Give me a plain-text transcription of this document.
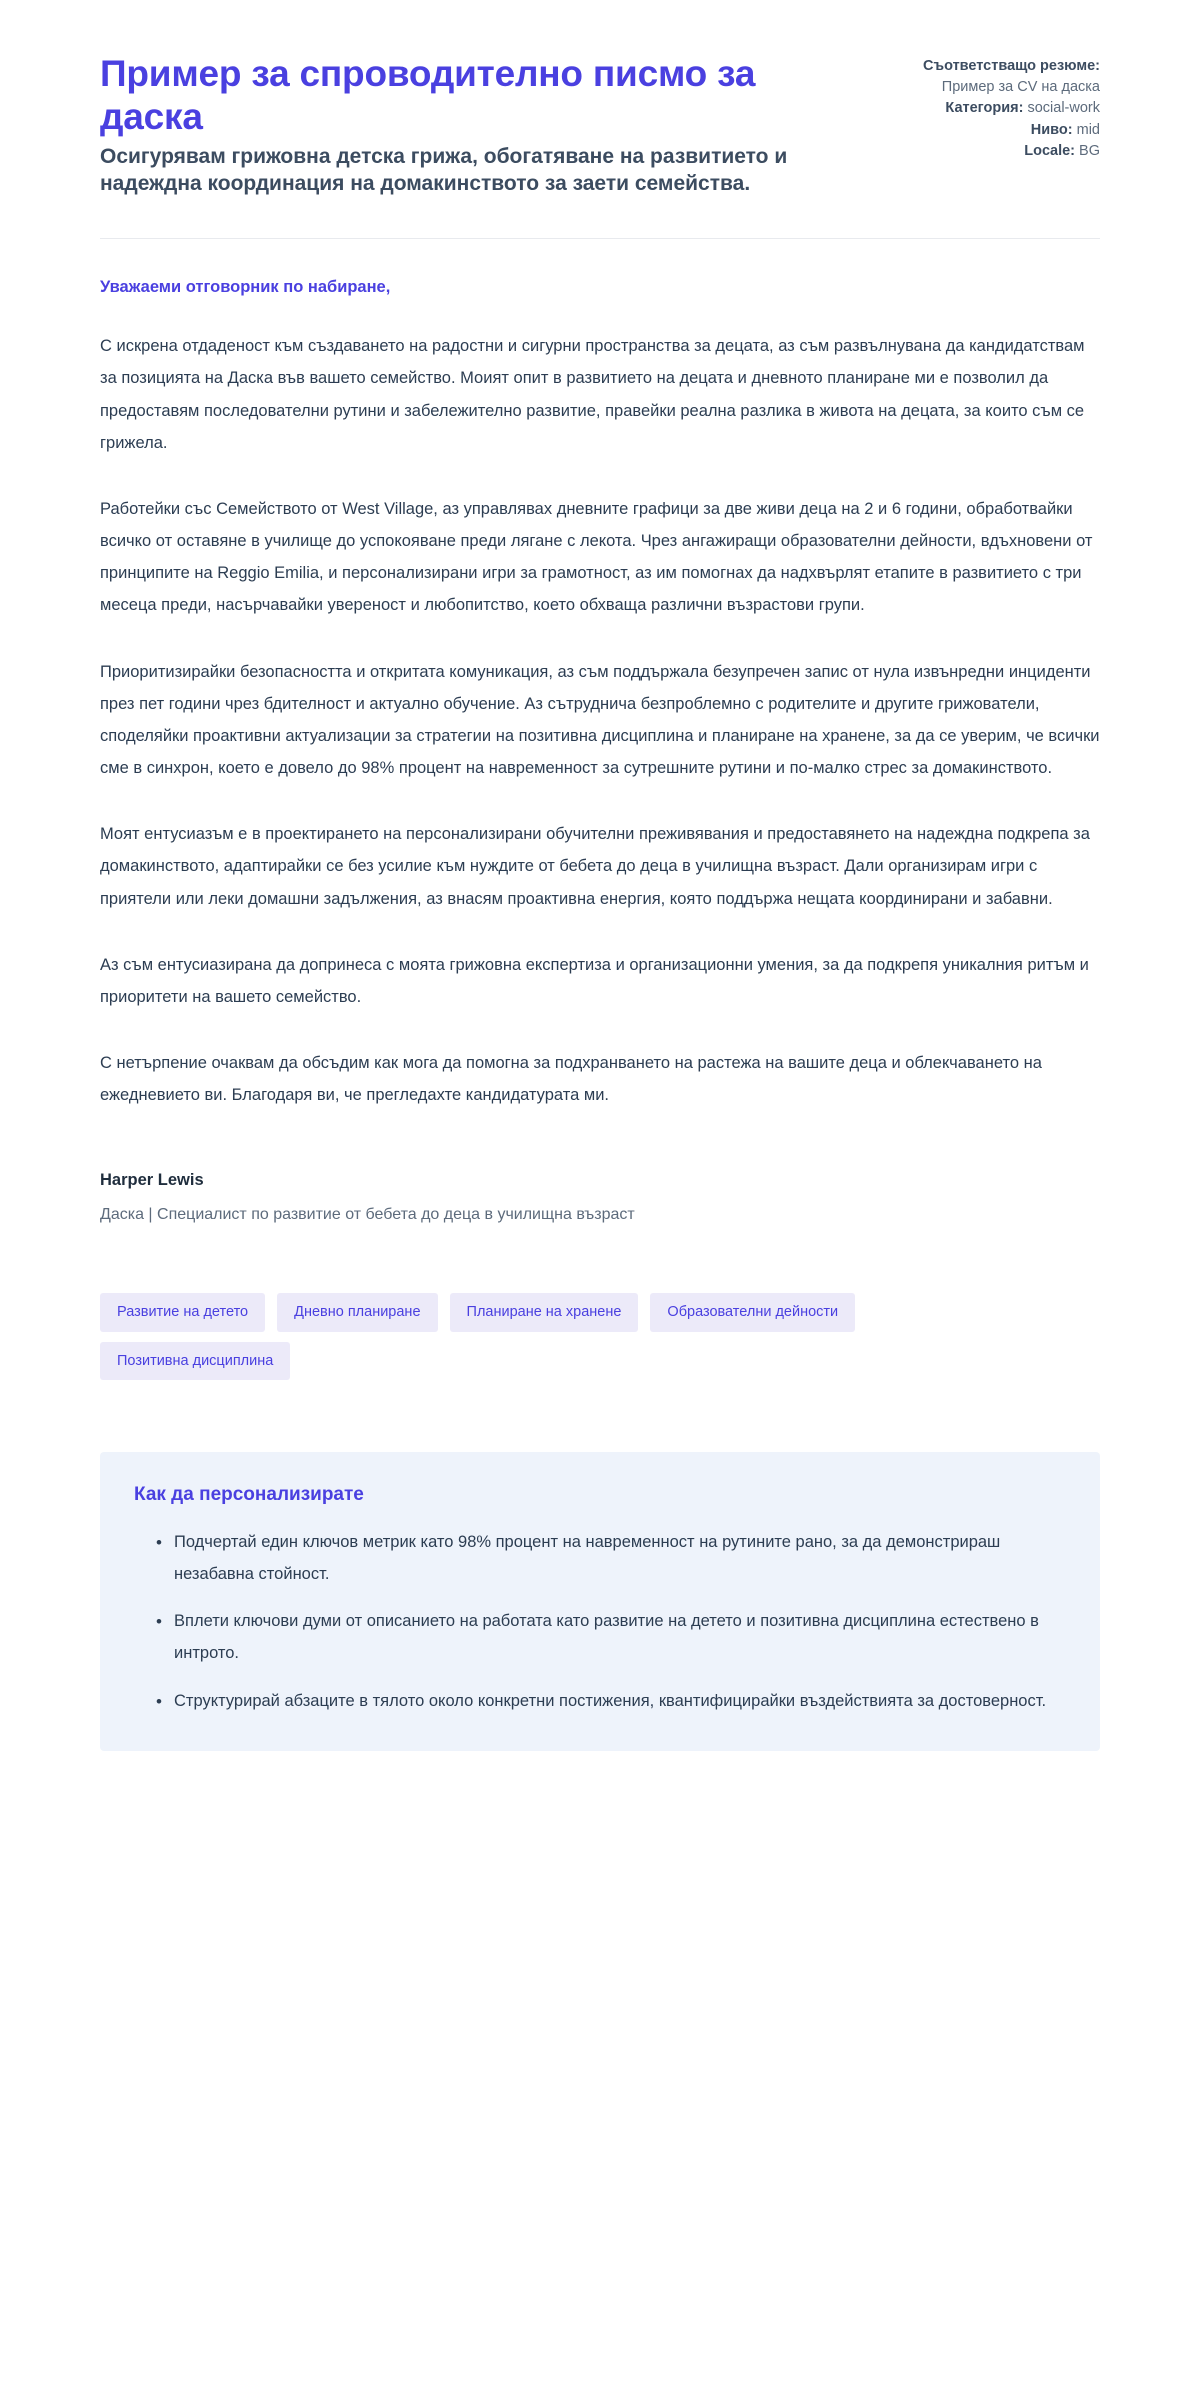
Пример за спроводително писмо за даска

Осигурявам грижовна детска грижа, обогатяване на развитието и надеждна координация на домакинството за заети семейства.

Съответстващо резюме: Пример за CV на даска
Категория: social-work
Ниво: mid
Locale: BG

Уважаеми отговорник по набиране,

С искрена отдаденост към създаването на радостни и сигурни пространства за децата, аз съм развълнувана да кандидатствам за позицията на Даска във вашето семейство. Моият опит в развитието на децата и дневното планиране ми е позволил да предоставям последователни рутини и забележително развитие, правейки реална разлика в живота на децата, за които съм се грижела.

Работейки със Семейството от West Village, аз управлявах дневните графици за две живи деца на 2 и 6 години, обработвайки всичко от оставяне в училище до успокояване преди лягане с лекота. Чрез ангажиращи образователни дейности, вдъхновени от принципите на Reggio Emilia, и персонализирани игри за грамотност, аз им помогнах да надхвърлят етапите в развитието с три месеца преди, насърчавайки увереност и любопитство, което обхваща различни възрастови групи.

Приоритизирайки безопасността и откритата комуникация, аз съм поддържала безупречен запис от нула извънредни инциденти през пет години чрез бдителност и актуално обучение. Аз сътруднича безпроблемно с родителите и другите грижователи, споделяйки проактивни актуализации за стратегии на позитивна дисциплина и планиране на хранене, за да се уверим, че всички сме в синхрон, което е довело до 98% процент на навременност за сутрешните рутини и по-малко стрес за домакинството.

Моят ентусиазъм е в проектирането на персонализирани обучителни преживявания и предоставянето на надеждна подкрепа за домакинството, адаптирайки се без усилие към нуждите от бебета до деца в училищна възраст. Дали организирам игри с приятели или леки домашни задължения, аз внасям проактивна енергия, която поддържа нещата координирани и забавни.

Аз съм ентусиазирана да допринеса с моята грижовна експертиза и организационни умения, за да подкрепя уникалния ритъм и приоритети на вашето семейство.

С нетърпение очаквам да обсъдим как мога да помогна за подхранването на растежа на вашите деца и облекчаването на ежедневието ви. Благодаря ви, че прегледахте кандидатурата ми.

Harper Lewis
Даска | Специалист по развитие от бебета до деца в училищна възраст
Развитие на детето	Дневно планиране	Планиране на хранене	Образователни дейности
Позитивна дисциплина
Как да персонализирате
• Подчертай един ключов метрик като 98% процент на навременност на рутините рано, за да демонстрираш незабавна стойност.
• Вплети ключови думи от описанието на работата като развитие на детето и позитивна дисциплина естествено в интрото.
• Структурирай абзаците в тялото около конкретни постижения, квантифицирайки въздействията за достоверност.
